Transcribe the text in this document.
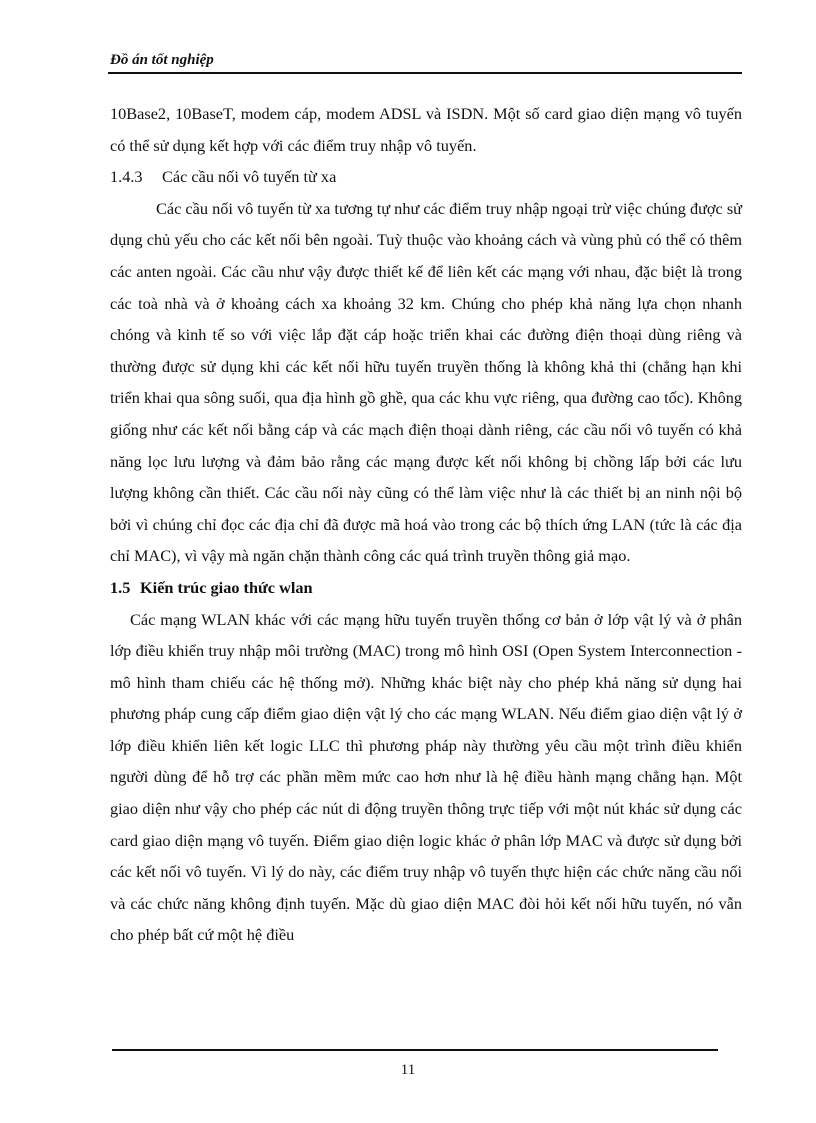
Đồ án tốt nghiệp

10Base2, 10BaseT, modem cáp, modem ADSL và ISDN. Một số card giao diện mạng vô tuyến có thể sử dụng kết hợp với các điểm truy nhập vô tuyến.

1.4.3 Các cầu nối vô tuyến từ xa

Các cầu nối vô tuyến từ xa tương tự như các điểm truy nhập ngoại trừ việc chúng được sử dụng chủ yếu cho các kết nối bên ngoài. Tuỳ thuộc vào khoảng cách và vùng phủ có thể có thêm các anten ngoài. Các cầu như vậy được thiết kế để liên kết các mạng với nhau, đặc biệt là trong các toà nhà và ở khoảng cách xa khoảng 32 km. Chúng cho phép khả năng lựa chọn nhanh chóng và kinh tế so với việc lắp đặt cáp hoặc triển khai các đường điện thoại dùng riêng và thường được sử dụng khi các kết nối hữu tuyến truyền thống là không khả thi (chẳng hạn khi triển khai qua sông suối, qua địa hình gồ ghề, qua các khu vực riêng, qua đường cao tốc). Không giống như các kết nối bằng cáp và các mạch điện thoại dành riêng, các cầu nối vô tuyến có khả năng lọc lưu lượng và đảm bảo rằng các mạng được kết nối không bị chồng lấp bởi các lưu lượng không cần thiết. Các cầu nối này cũng có thể làm việc như là các thiết bị an ninh nội bộ bởi vì chúng chỉ đọc các địa chỉ đã được mã hoá vào trong các bộ thích ứng LAN (tức là các địa chỉ MAC), vì vậy mà ngăn chặn thành công các quá trình truyền thông giả mạo.

1.5 Kiến trúc giao thức wlan

Các mạng WLAN khác với các mạng hữu tuyến truyền thống cơ bản ở lớp vật lý và ở phân lớp điều khiển truy nhập môi trường (MAC) trong mô hình OSI (Open System Interconnection - mô hình tham chiếu các hệ thống mở). Những khác biệt này cho phép khả năng sử dụng hai phương pháp cung cấp điểm giao diện vật lý cho các mạng WLAN. Nếu điểm giao diện vật lý ở lớp điều khiển liên kết logic LLC thì phương pháp này thường yêu cầu một trình điều khiển người dùng để hỗ trợ các phần mềm mức cao hơn như là hệ điều hành mạng chẳng hạn. Một giao diện như vậy cho phép các nút di động truyền thông trực tiếp với một nút khác sử dụng các card giao diện mạng vô tuyến. Điểm giao diện logic khác ở phân lớp MAC và được sử dụng bởi các kết nối vô tuyến. Vì lý do này, các điểm truy nhập vô tuyến thực hiện các chức năng cầu nối và các chức năng không định tuyến. Mặc dù giao diện MAC đòi hỏi kết nối hữu tuyến, nó vẫn cho phép bất cứ một hệ điều

11
